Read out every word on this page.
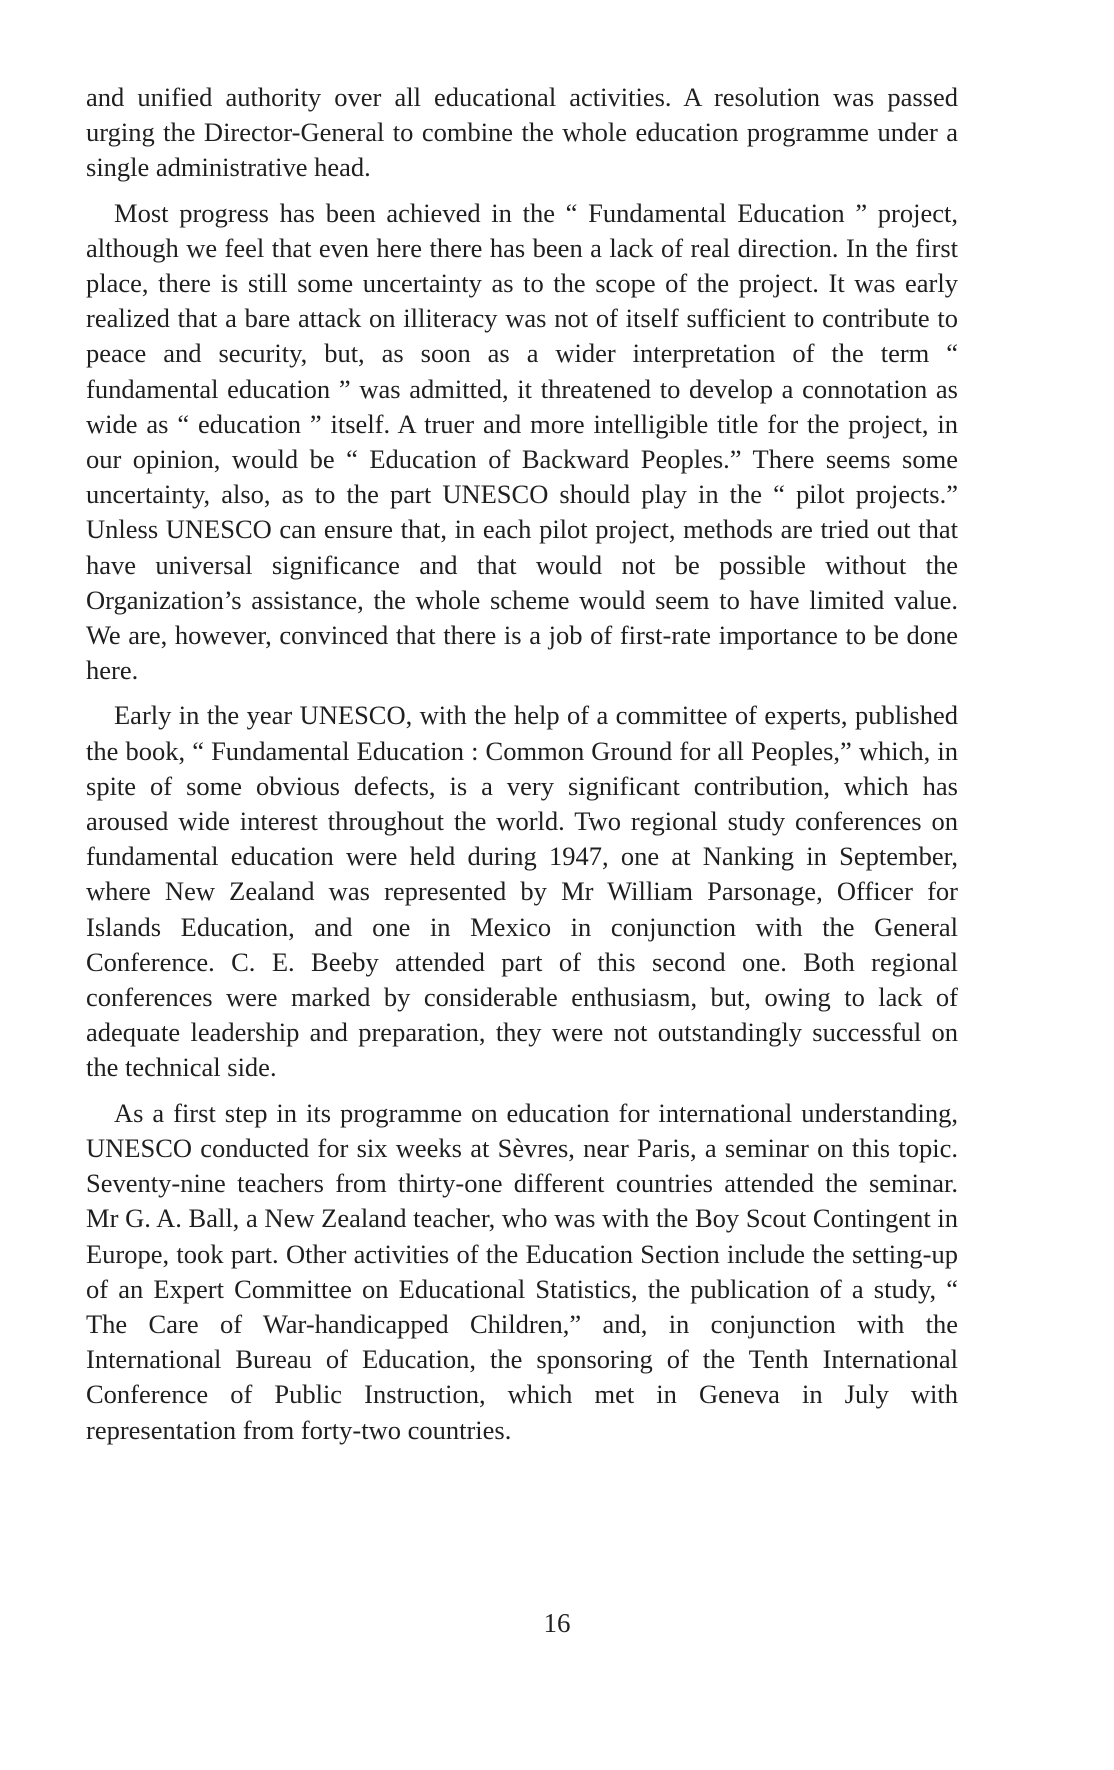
and unified authority over all educational activities. A resolution was passed urging the Director-General to combine the whole education programme under a single administrative head.

Most progress has been achieved in the “ Fundamental Education ” project, although we feel that even here there has been a lack of real direction. In the first place, there is still some uncertainty as to the scope of the project. It was early realized that a bare attack on illiteracy was not of itself sufficient to contribute to peace and security, but, as soon as a wider interpretation of the term “ fundamental education ” was admitted, it threatened to develop a connotation as wide as “ education ” itself. A truer and more intelligible title for the project, in our opinion, would be “ Education of Backward Peoples.” There seems some uncertainty, also, as to the part UNESCO should play in the “ pilot projects.” Unless UNESCO can ensure that, in each pilot project, methods are tried out that have universal significance and that would not be possible without the Organization’s assistance, the whole scheme would seem to have limited value. We are, however, convinced that there is a job of first-rate importance to be done here.

Early in the year UNESCO, with the help of a committee of experts, published the book, “ Fundamental Education : Common Ground for all Peoples,” which, in spite of some obvious defects, is a very significant contribution, which has aroused wide interest throughout the world. Two regional study conferences on fundamental education were held during 1947, one at Nanking in September, where New Zealand was represented by Mr William Parsonage, Officer for Islands Education, and one in Mexico in conjunction with the General Conference. C. E. Beeby attended part of this second one. Both regional conferences were marked by considerable enthusiasm, but, owing to lack of adequate leadership and preparation, they were not outstandingly successful on the technical side.

As a first step in its programme on education for international understanding, UNESCO conducted for six weeks at Sèvres, near Paris, a seminar on this topic. Seventy-nine teachers from thirty-one different countries attended the seminar. Mr G. A. Ball, a New Zealand teacher, who was with the Boy Scout Contingent in Europe, took part. Other activities of the Education Section include the setting-up of an Expert Committee on Educational Statistics, the publication of a study, “ The Care of War-handicapped Children,” and, in conjunction with the International Bureau of Education, the sponsoring of the Tenth International Conference of Public Instruction, which met in Geneva in July with representation from forty-two countries.

16
